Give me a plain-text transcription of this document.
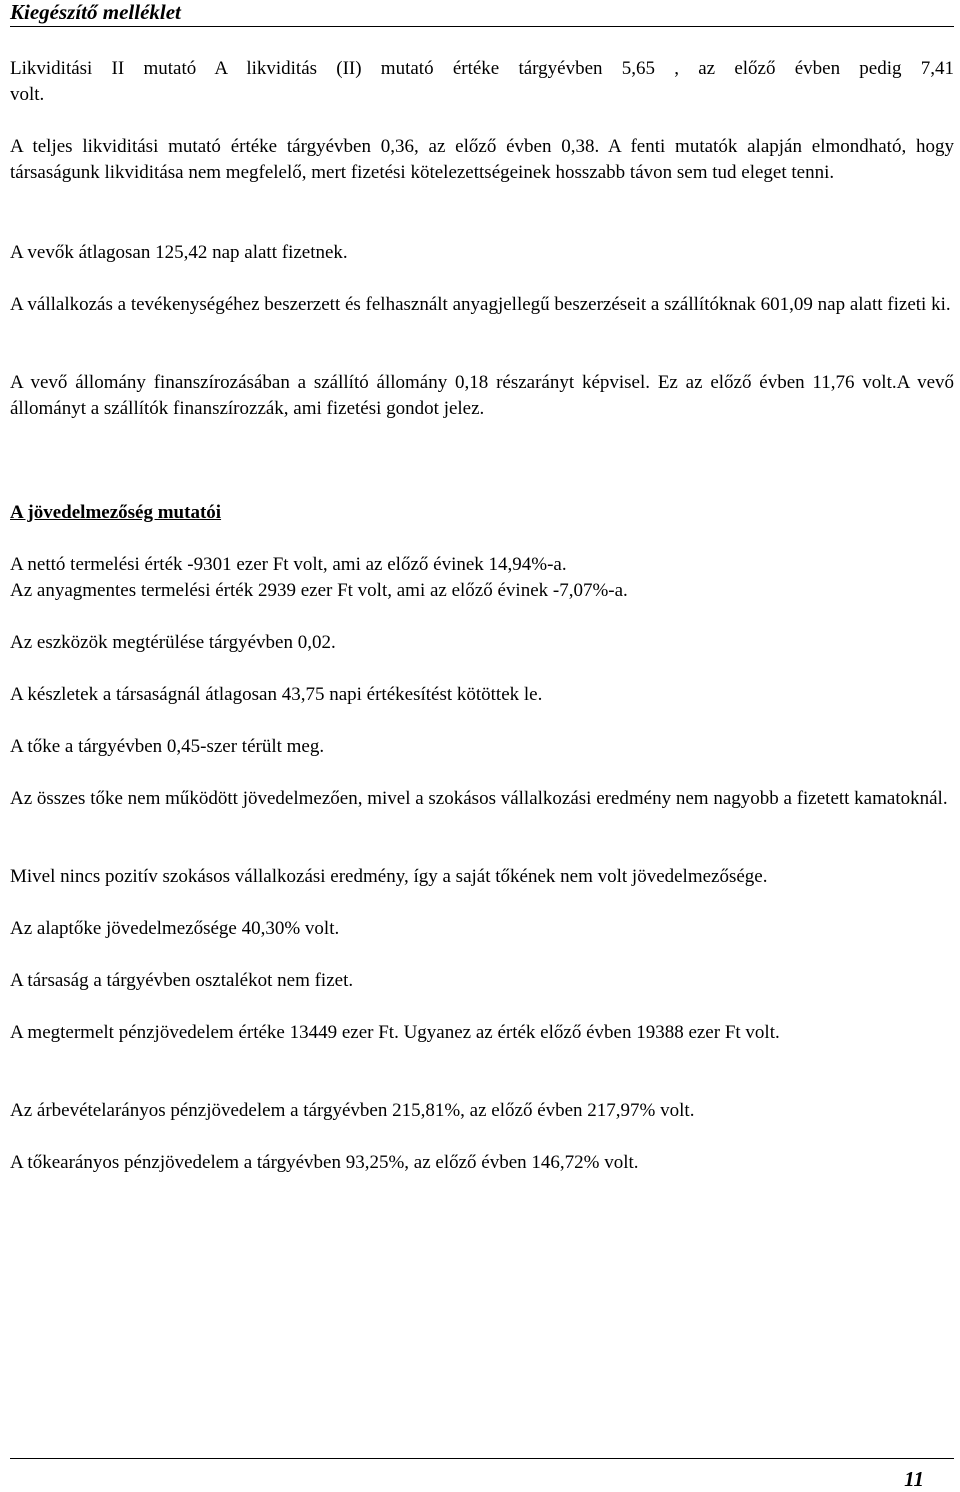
Kiegészítő melléklet

Likviditási II mutató A likviditás (II) mutató értéke tárgyévben 5,65 , az előző évben pedig 7,41

volt.

A teljes likviditási mutató értéke tárgyévben 0,36, az előző évben 0,38. A fenti mutatók alapján elmondható, hogy társaságunk likviditása nem megfelelő, mert fizetési kötelezettségeinek hosszabb távon sem tud eleget tenni.

A vevők átlagosan 125,42 nap alatt fizetnek.

A vállalkozás a tevékenységéhez beszerzett és felhasznált anyagjellegű beszerzéseit a szállítóknak 601,09 nap alatt fizeti ki.

A vevő állomány finanszírozásában a szállító állomány 0,18 részarányt képvisel. Ez az előző évben 11,76 volt.A vevő állományt a szállítók finanszírozzák, ami fizetési gondot jelez.

A jövedelmezőség mutatói

A nettó termelési érték -9301 ezer Ft volt, ami az előző évinek 14,94%-a.

Az anyagmentes termelési érték 2939 ezer Ft volt, ami az előző évinek -7,07%-a.

Az eszközök megtérülése tárgyévben 0,02.

A készletek a társaságnál átlagosan 43,75 napi értékesítést kötöttek le.

A tőke a tárgyévben 0,45-szer térült meg.

Az összes tőke nem működött jövedelmezően, mivel a szokásos vállalkozási eredmény nem nagyobb a fizetett kamatoknál.

Mivel nincs pozitív szokásos vállalkozási eredmény, így a saját tőkének nem volt jövedelmezősége.

Az alaptőke jövedelmezősége 40,30% volt.

A társaság a tárgyévben osztalékot nem fizet.

A megtermelt pénzjövedelem értéke 13449 ezer Ft. Ugyanez az érték előző évben 19388 ezer Ft volt.

Az árbevételarányos pénzjövedelem a tárgyévben 215,81%, az előző évben 217,97% volt.

A tőkearányos pénzjövedelem a tárgyévben 93,25%, az előző évben 146,72% volt.

11
